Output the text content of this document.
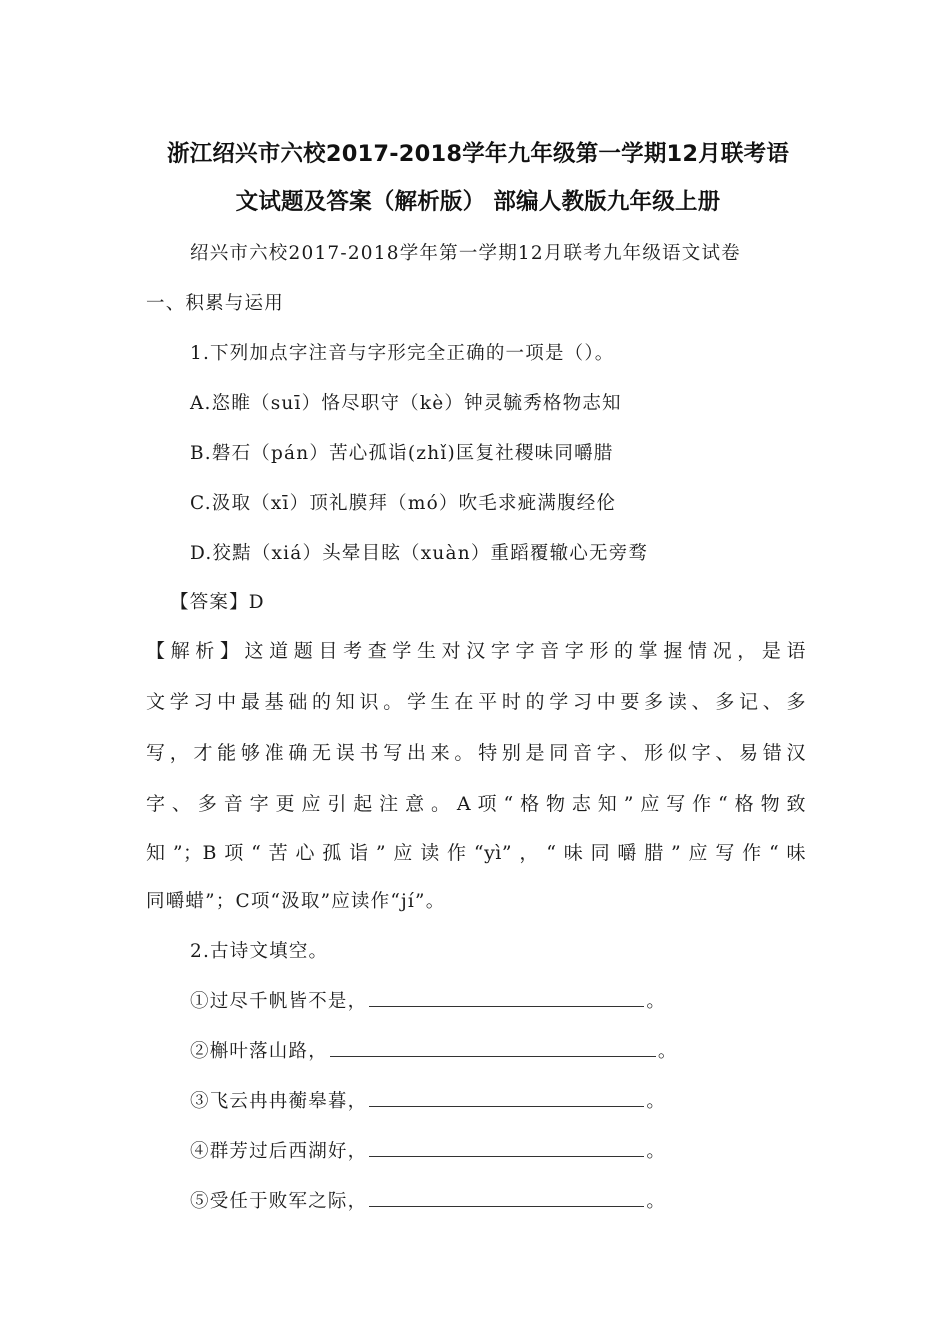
浙江绍兴市六校2017-2018学年九年级第一学期12月联考语
文试题及答案（解析版） 部编人教版九年级上册
绍兴市六校2017-2018学年第一学期12月联考九年级语文试卷
一、积累与运用
1.下列加点字注音与字形完全正确的一项是（）。
A.恣睢（suī）恪尽职守（kè）钟灵毓秀格物志知
B.磐石（pán）苦心孤诣(zhǐ)匡复社稷味同嚼腊
C.汲取（xī）顶礼膜拜（mó）吹毛求疵满腹经伦
D.狡黠（xiá）头晕目眩（xuàn）重蹈覆辙心无旁骛
【答案】D
【解析】这道题目考查学生对汉字字音字形的掌握情况，是语
文学习中最基础的知识。学生在平时的学习中要多读、多记、多
写，才能够准确无误书写出来。特别是同音字、形似字、易错汉
字、多音字更应引起注意。A项“格物志知”应写作“格物致
知”；B项“苦心孤诣”应读作“yì”，“味同嚼腊”应写作“味
同嚼蜡”；C项“汲取”应读作“jí”。
2.古诗文填空。
①过尽千帆皆不是，	。
②槲叶落山路，	。
③飞云冉冉蘅皋暮，	。
④群芳过后西湖好，	。
⑤受任于败军之际，	。
